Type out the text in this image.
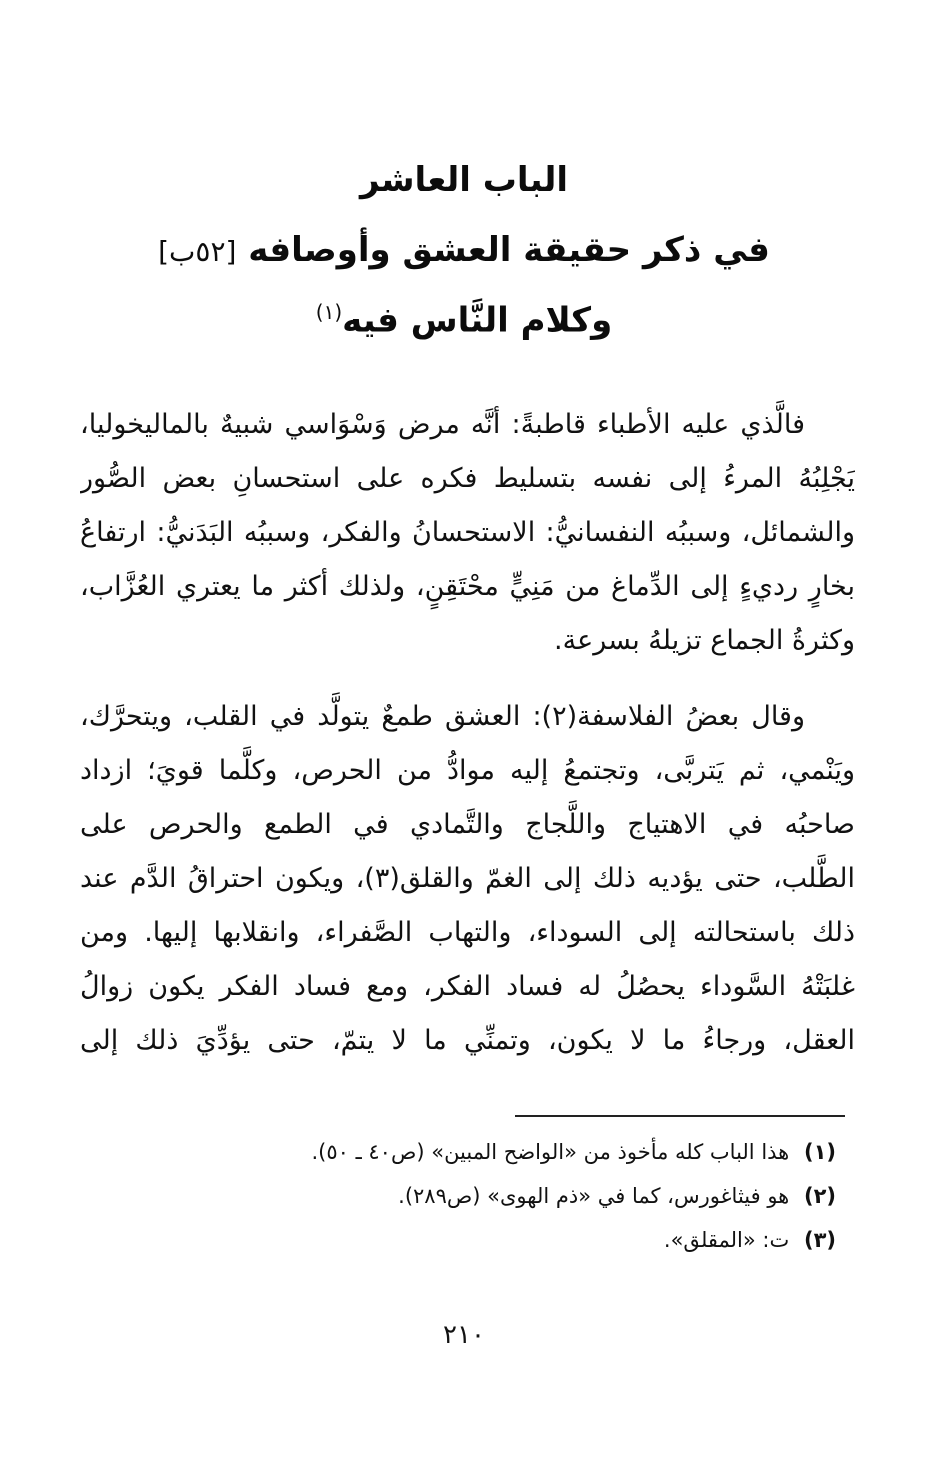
الباب العاشر
في ذكر حقيقة العشق وأوصافه [٥٢ب]
وكلام النَّاس فيه$^{(١)}$
فالَّذي عليه الأطباء قاطبةً: أنَّه مرض وَسْوَاسي شبيهٌ بالماليخوليا،
يَجْلِبُهُ المرءُ إلى نفسه بتسليط فكره على استحسانِ بعض الصُّور
والشمائل، وسببُه النفسانيُّ: الاستحسانُ والفكر، وسببُه البَدَنيُّ: ارتفاعُ
بخارٍ رديءٍ إلى الدِّماغ من مَنِيٍّ محْتَقِنٍ، ولذلك أكثر ما يعتري العُزَّاب،
وكثرةُ الجماع تزيلهُ بسرعة.
وقال بعضُ الفلاسفة(٢): العشق طمعٌ يتولَّد في القلب، ويتحرَّك،
ويَنْمي، ثم يَتربَّى، وتجتمعُ إليه موادُّ من الحرص، وكلَّما قويَ؛ ازداد
صاحبُه في الاهتياج واللَّجاج والتَّمادي في الطمع والحرص على
الطَّلب، حتى يؤديه ذلك إلى الغمّ والقلق(٣)، ويكون احتراقُ الدَّم عند
ذلك باستحالته إلى السوداء، والتهاب الصَّفراء، وانقلابها إليها. ومن
غلبَتْهُ السَّوداء يحصُلُ له فساد الفكر، ومع فساد الفكر يكون زوالُ
العقل، ورجاءُ ما لا يكون، وتمنِّي ما لا يتمّ، حتى يؤدِّيَ ذلك إلى
(١) هذا الباب كله مأخوذ من «الواضح المبين» (ص٤٠ ـ ٥٠).
(٢) هو فيثاغورس، كما في «ذم الهوى» (ص٢٨٩).
(٣) ت: «المقلق».
٢١٠
